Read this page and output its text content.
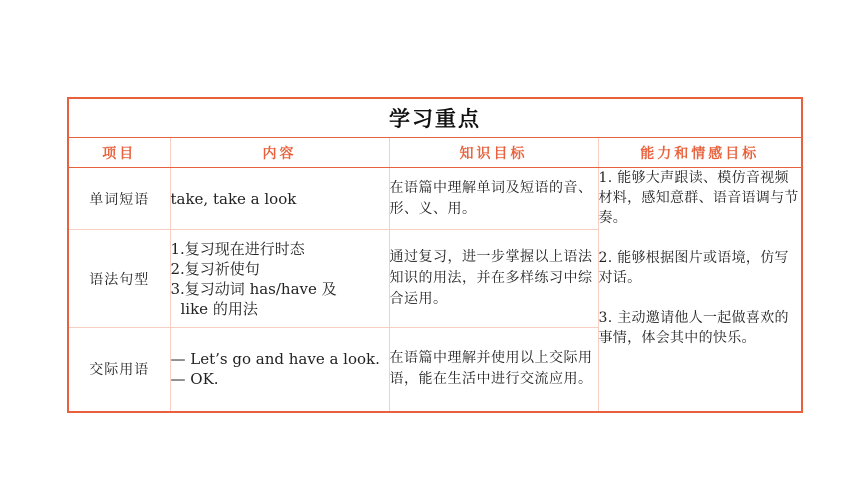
学习重点			
项目	内容	知识目标	能力和情感目标
单词短语	take, take a look	在语篇中理解单词及短语的音、形、义、用。	1. 能够大声跟读、模仿音视频材料，感知意群、语音语调与节奏。
2. 能够根据图片或语境，仿写对话。
3. 主动邀请他人一起做喜欢的事情，体会其中的快乐。

语法句型	1.复习现在进行时态
2.复习祈使句
3.复习动词 has/have 及
like 的用法	通过复习，进一步掌握以上语法知识的用法，并在多样练习中综合运用。	
交际用语	— Let’s go and have a look.
— OK.	在语篇中理解并使用以上交际用语，能在生活中进行交流应用。	
